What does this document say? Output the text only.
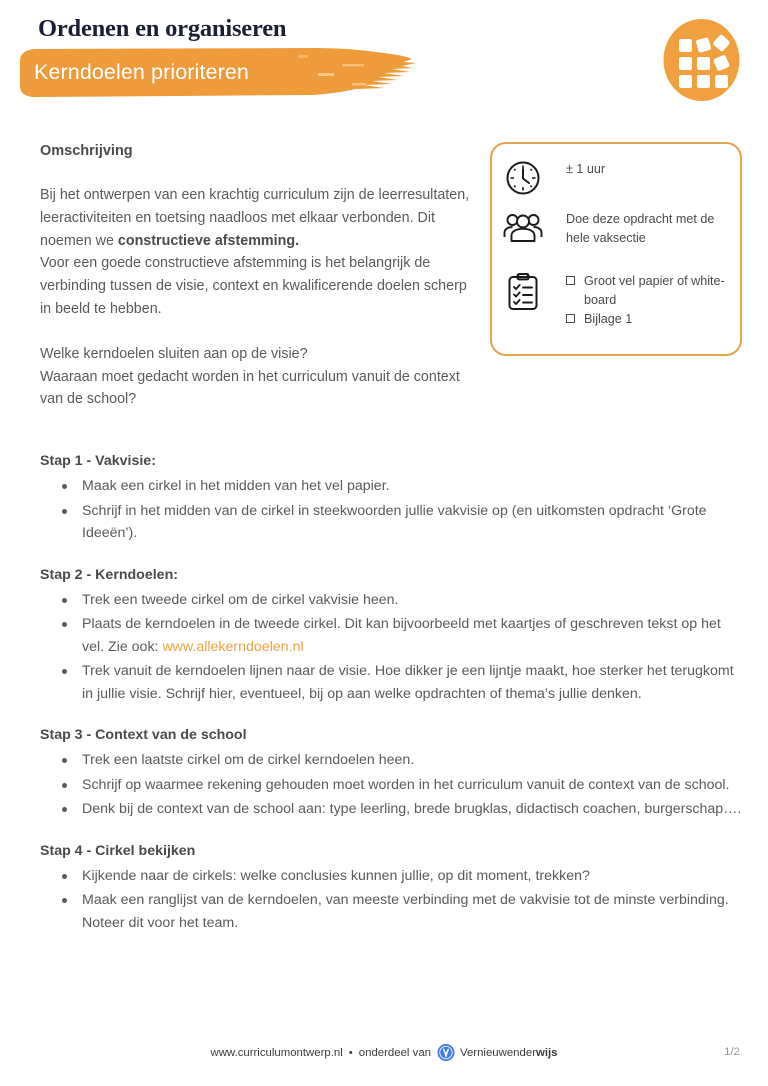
Ordenen en organiseren
Kerndoelen prioriteren
Omschrijving
Bij het ontwerpen van een krachtig curriculum zijn de leerresultaten, leeractiviteiten en toetsing naadloos met elkaar verbonden. Dit noemen we constructieve afstemming.
Voor een goede constructieve afstemming is het belangrijk de verbinding tussen de visie, context en kwalificerende doelen scherp in beeld te hebben.
Welke kerndoelen sluiten aan op de visie?
Waaraan moet gedacht worden in het curriculum vanuit de context van de school?
± 1 uur
Doe deze opdracht met de hele vaksectie
Groot vel papier of white-board
Bijlage 1
Stap 1 - Vakvisie:
Maak een cirkel in het midden van het vel papier.
Schrijf in het midden van de cirkel in steekwoorden jullie vakvisie op (en uitkomsten opdracht ‘Grote Ideeën’).
Stap 2 - Kerndoelen:
Trek een tweede cirkel om de cirkel vakvisie heen.
Plaats de kerndoelen in de tweede cirkel. Dit kan bijvoorbeeld met kaartjes of geschreven tekst op het vel. Zie ook: www.allekerndoelen.nl
Trek vanuit de kerndoelen lijnen naar de visie. Hoe dikker je een lijntje maakt, hoe sterker het terugkomt in jullie visie. Schrijf hier, eventueel, bij op aan welke opdrachten of thema’s jullie denken.
Stap 3 - Context van de school
Trek een laatste cirkel om de cirkel kerndoelen heen.
Schrijf op waarmee rekening gehouden moet worden in het curriculum vanuit de context van de school.
Denk bij de context van de school aan: type leerling, brede brugklas, didactisch coachen, burgerschap….
Stap 4 - Cirkel bekijken
Kijkende naar de cirkels: welke conclusies kunnen jullie, op dit moment, trekken?
Maak een ranglijst van de kerndoelen, van meeste verbinding met de vakvisie tot de minste verbinding. Noteer dit voor het team.
www.curriculumontwerp.nl • onderdeel van	Vernieuwenderwijs	1/2
